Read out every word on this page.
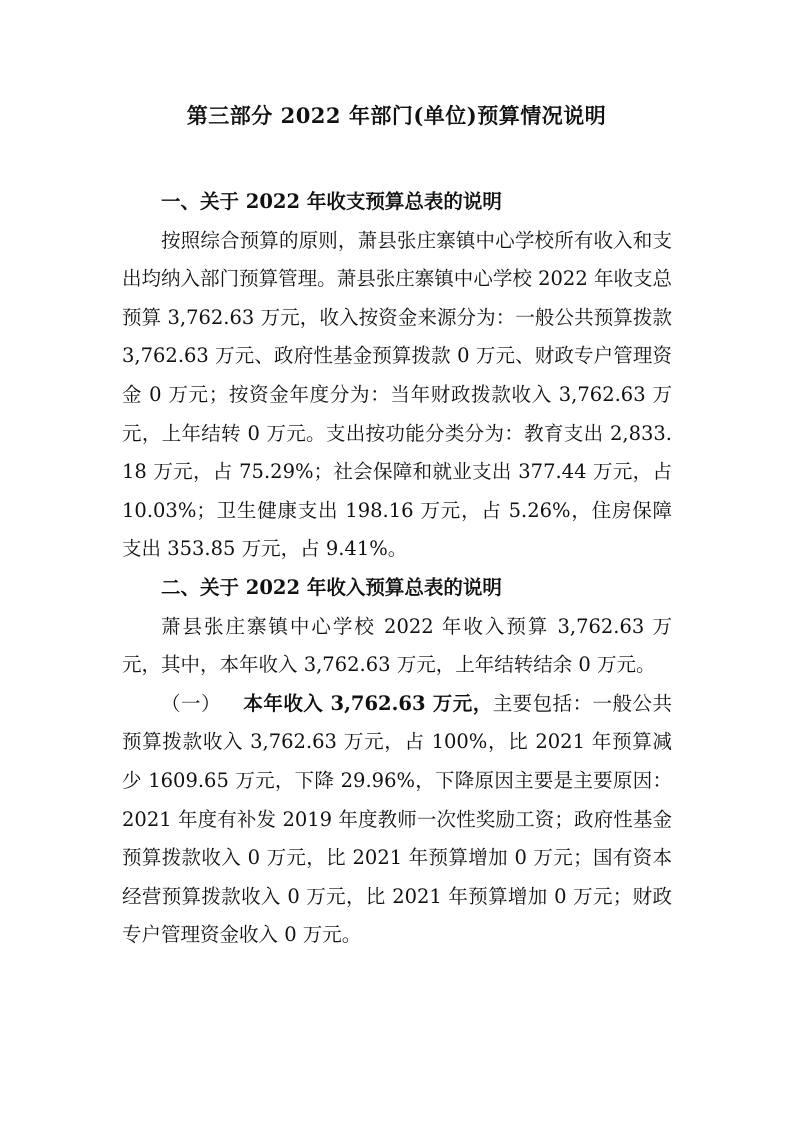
第三部分 2022 年部门(单位)预算情况说明

一、关于 2022 年收支预算总表的说明

按照综合预算的原则，萧县张庄寨镇中心学校所有收入和支出均纳入部门预算管理。萧县张庄寨镇中心学校 2022 年收支总预算 3,762.63 万元，收入按资金来源分为：一般公共预算拨款 3,762.63 万元、政府性基金预算拨款 0 万元、财政专户管理资金 0 万元；按资金年度分为：当年财政拨款收入 3,762.63 万元，上年结转 0 万元。支出按功能分类分为：教育支出 2,833.18 万元，占 75.29%；社会保障和就业支出 377.44 万元，占 10.03%；卫生健康支出 198.16 万元，占 5.26%，住房保障支出 353.85 万元，占 9.41%。

二、关于 2022 年收入预算总表的说明

萧县张庄寨镇中心学校 2022 年收入预算 3,762.63 万元，其中，本年收入 3,762.63 万元，上年结转结余 0 万元。

（一） 本年收入 3,762.63 万元，主要包括：一般公共预算拨款收入 3,762.63 万元，占 100%，比 2021 年预算减少 1609.65 万元，下降 29.96%，下降原因主要是主要原因：2021 年度有补发 2019 年度教师一次性奖励工资；政府性基金预算拨款收入 0 万元，比 2021 年预算增加 0 万元；国有资本经营预算拨款收入 0 万元，比 2021 年预算增加 0 万元；财政专户管理资金收入 0 万元。
